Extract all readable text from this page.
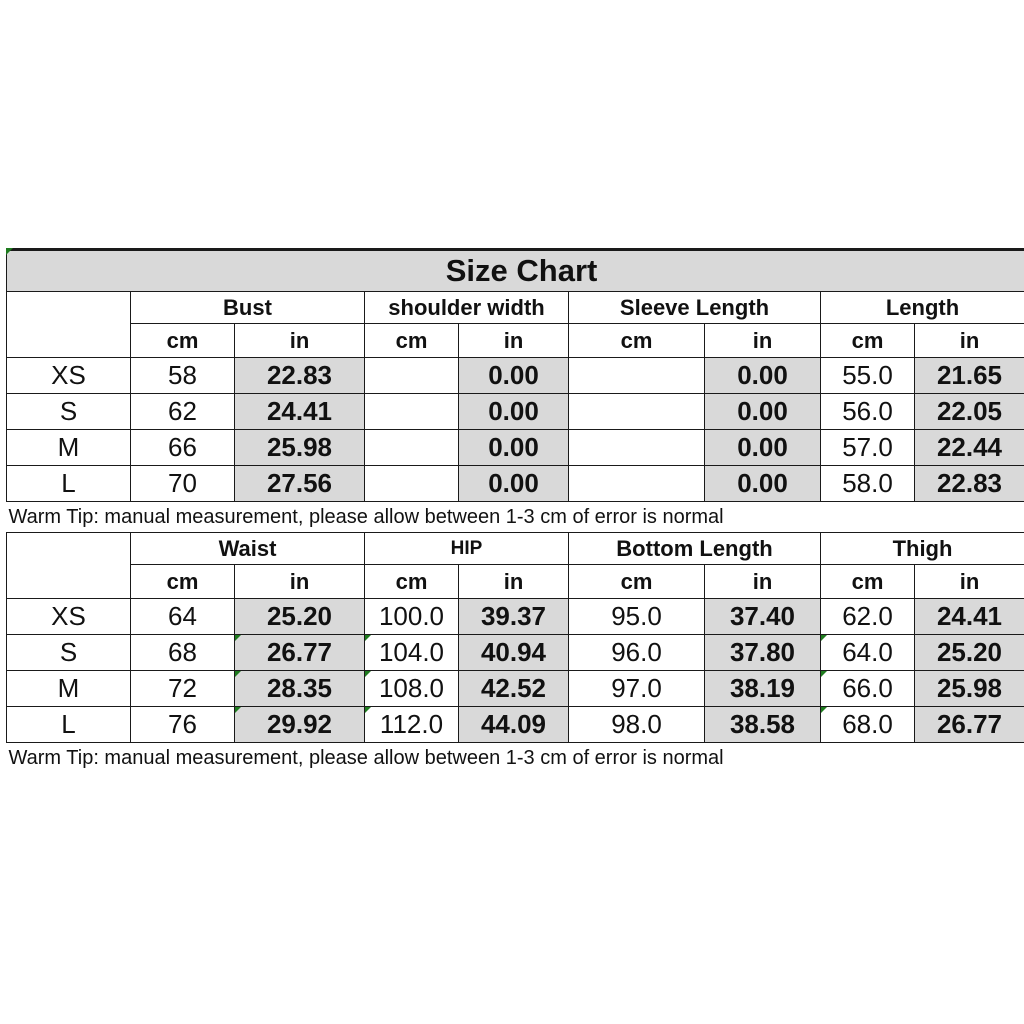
Size Chart									
	Bust		shoulder width		Sleeve Length		Length		
	cm	in	cm	in	cm	in	cm	in	
XS	58	22.83		0.00		0.00	55.0	21.65	
S	62	24.41		0.00		0.00	56.0	22.05	
M	66	25.98		0.00		0.00	57.0	22.44	
L	70	27.56		0.00		0.00	58.0	22.83	
Warm Tip: manual measurement, please allow between 1-3 cm of error is normal									
	Waist		HIP		Bottom Length		Thigh		
	cm	in	cm	in	cm	in	cm	in	
XS	64	25.20	100.0	39.37	95.0	37.40	62.0	24.41	
S	68	26.77	104.0	40.94	96.0	37.80	64.0	25.20	
M	72	28.35	108.0	42.52	97.0	38.19	66.0	25.98	
L	76	29.92	112.0	44.09	98.0	38.58	68.0	26.77	
Warm Tip: manual measurement, please allow between 1-3 cm of error is normal									
